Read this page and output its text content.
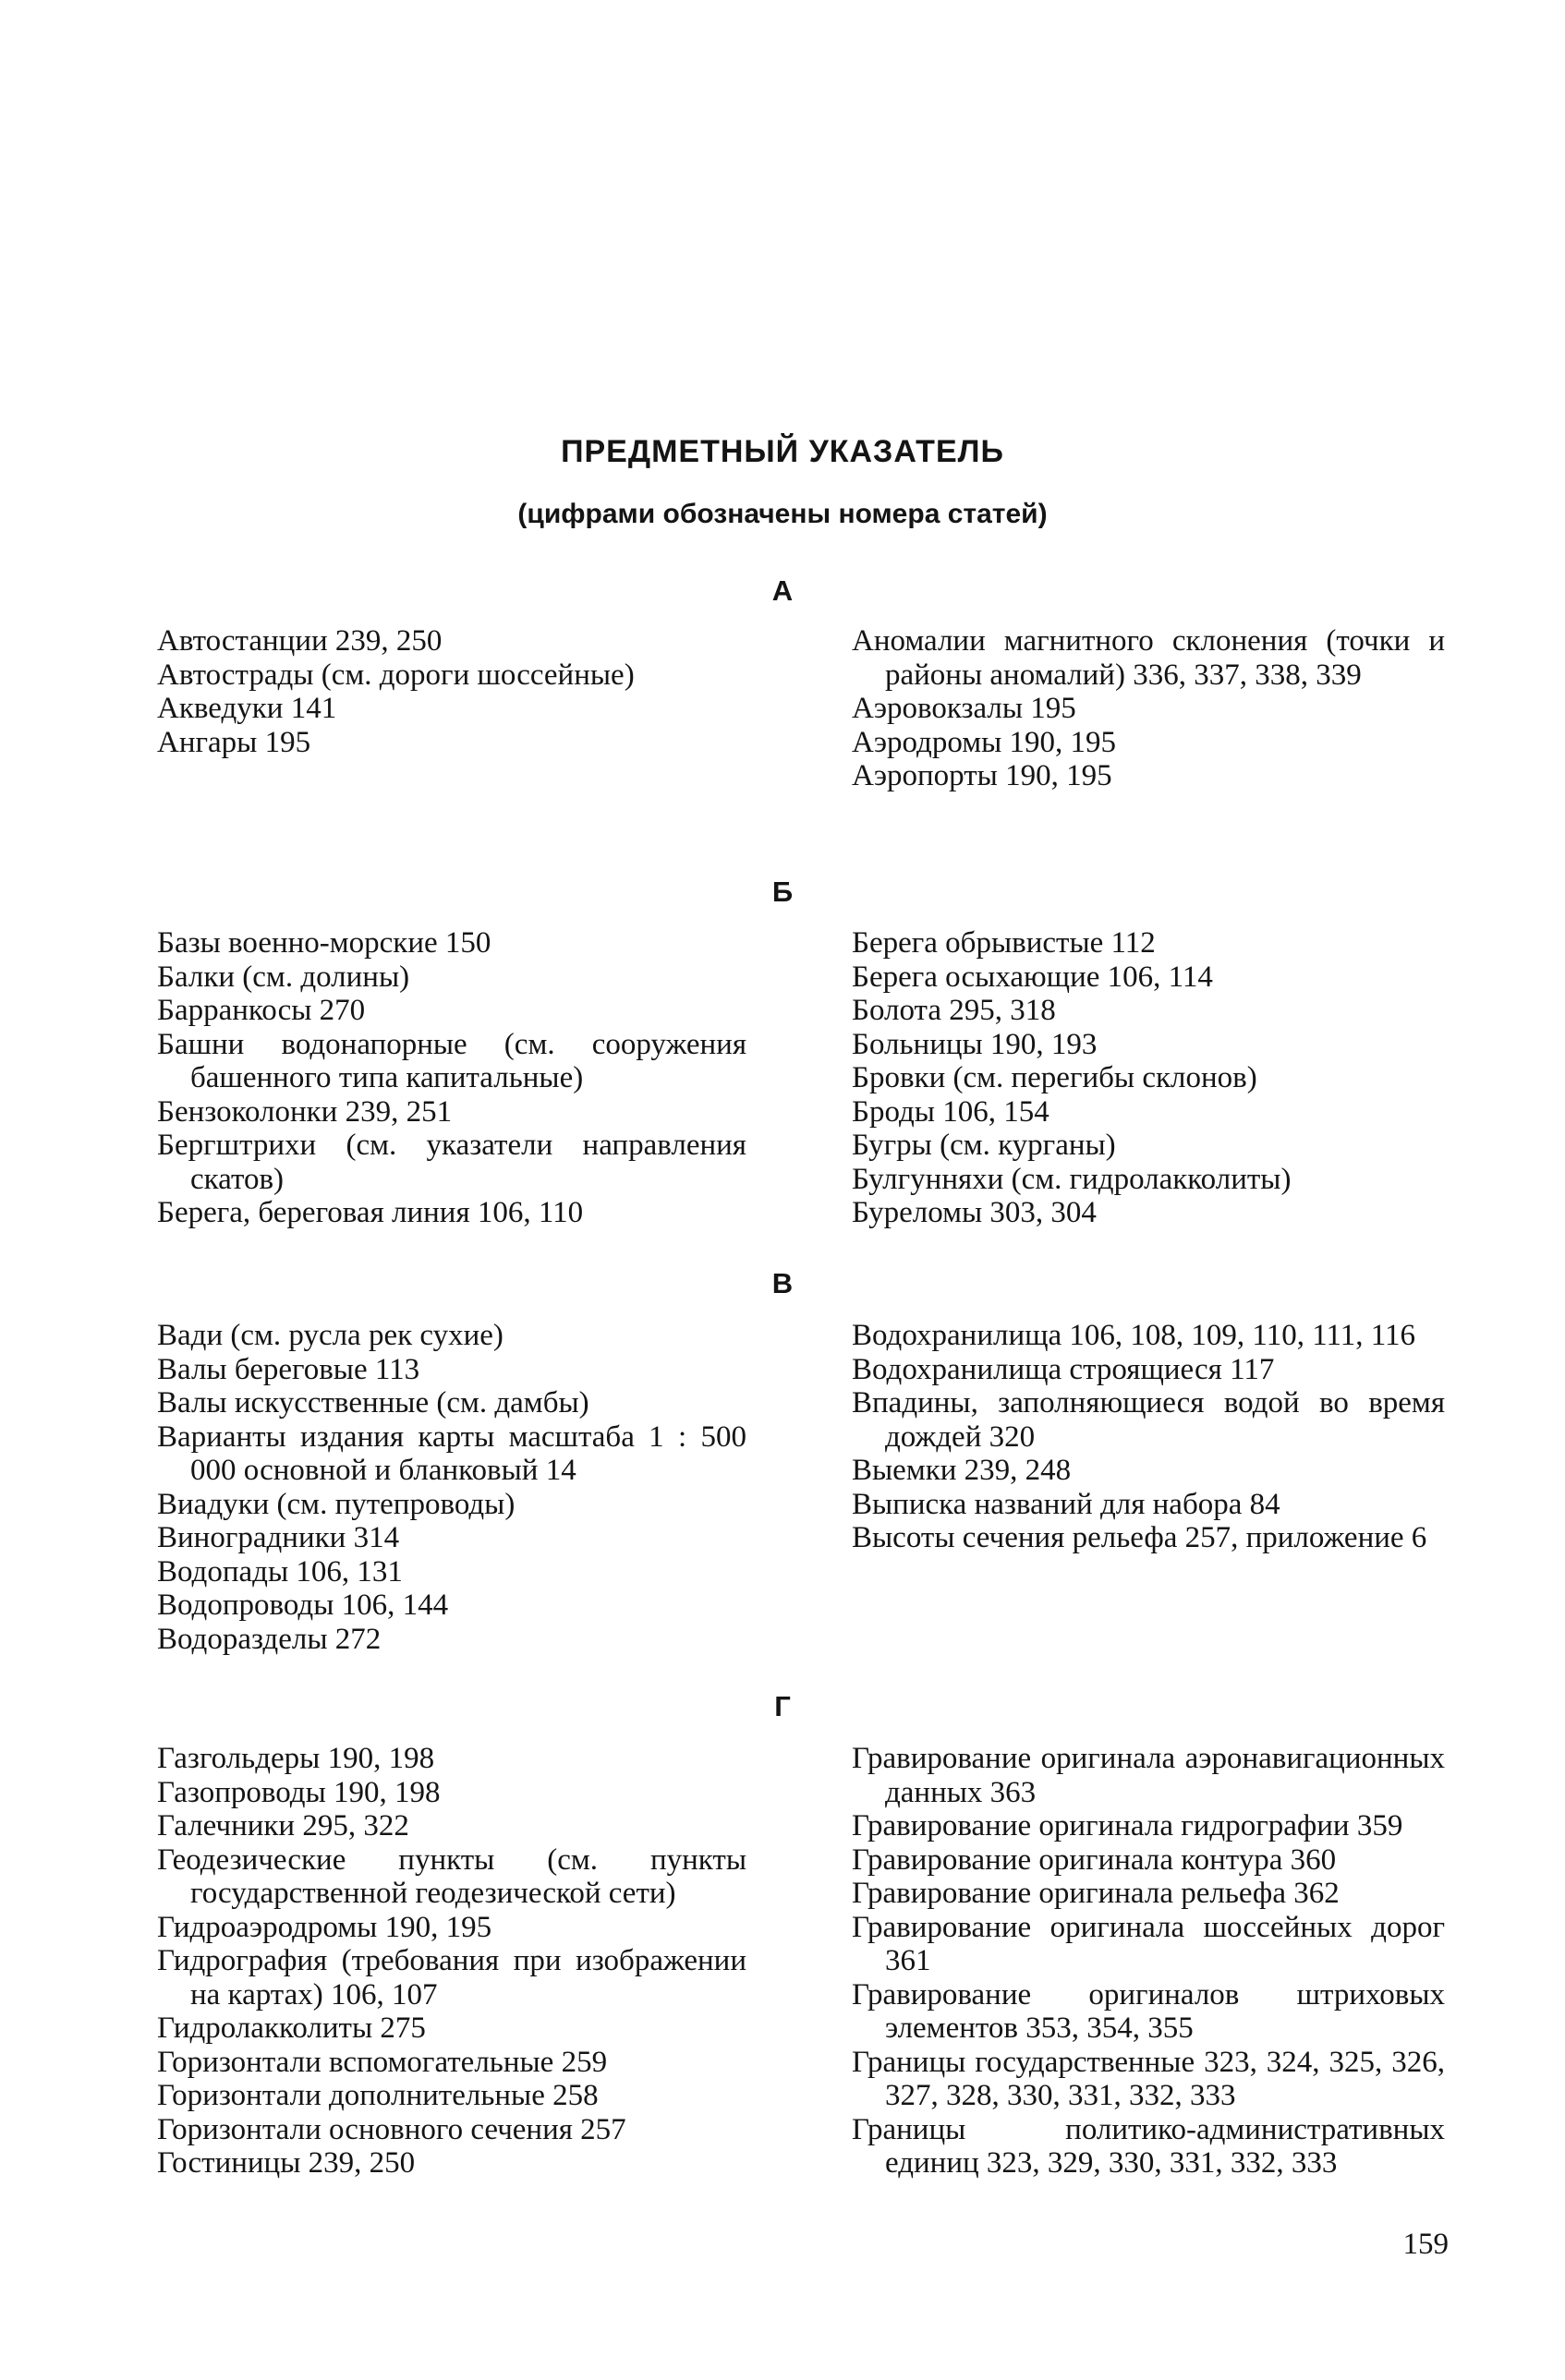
ПРЕДМЕТНЫЙ УКАЗАТЕЛЬ
(цифрами обозначены номера статей)
А
Автостанции 239, 250
Автострады (см. дороги шоссейные)
Акведуки 141
Ангары 195
Аномалии магнитного склонения (точки и районы аномалий) 336, 337, 338, 339
Аэровокзалы 195
Аэродромы 190, 195
Аэропорты 190, 195
Б
Базы военно-морские 150
Балки (см. долины)
Барранкосы 270
Башни водонапорные (см. сооружения башенного типа капитальные)
Бензоколонки 239, 251
Бергштрихи (см. указатели направления скатов)
Берега, береговая линия 106, 110
Берега обрывистые 112
Берега осыхающие 106, 114
Болота 295, 318
Больницы 190, 193
Бровки (см. перегибы склонов)
Броды 106, 154
Бугры (см. курганы)
Булгунняхи (см. гидролакколиты)
Буреломы 303, 304
В
Вади (см. русла рек сухие)
Валы береговые 113
Валы искусственные (см. дамбы)
Варианты издания карты масштаба 1 : 500 000 основной и бланковый 14
Виадуки (см. путепроводы)
Виноградники 314
Водопады 106, 131
Водопроводы 106, 144
Водоразделы 272
Водохранилища 106, 108, 109, 110, 111, 116
Водохранилища строящиеся 117
Впадины, заполняющиеся водой во время дождей 320
Выемки 239, 248
Выписка названий для набора 84
Высоты сечения рельефа 257, приложение 6
Г
Газгольдеры 190, 198
Газопроводы 190, 198
Галечники 295, 322
Геодезические пункты (см. пункты государственной геодезической сети)
Гидроаэродромы 190, 195
Гидрография (требования при изображении на картах) 106, 107
Гидролакколиты 275
Горизонтали вспомогательные 259
Горизонтали дополнительные 258
Горизонтали основного сечения 257
Гостиницы 239, 250
Гравирование оригинала аэронавигационных данных 363
Гравирование оригинала гидрографии 359
Гравирование оригинала контура 360
Гравирование оригинала рельефа 362
Гравирование оригинала шоссейных дорог 361
Гравирование оригиналов штриховых элементов 353, 354, 355
Границы государственные 323, 324, 325, 326, 327, 328, 330, 331, 332, 333
Границы политико-административных единиц 323, 329, 330, 331, 332, 333
159
